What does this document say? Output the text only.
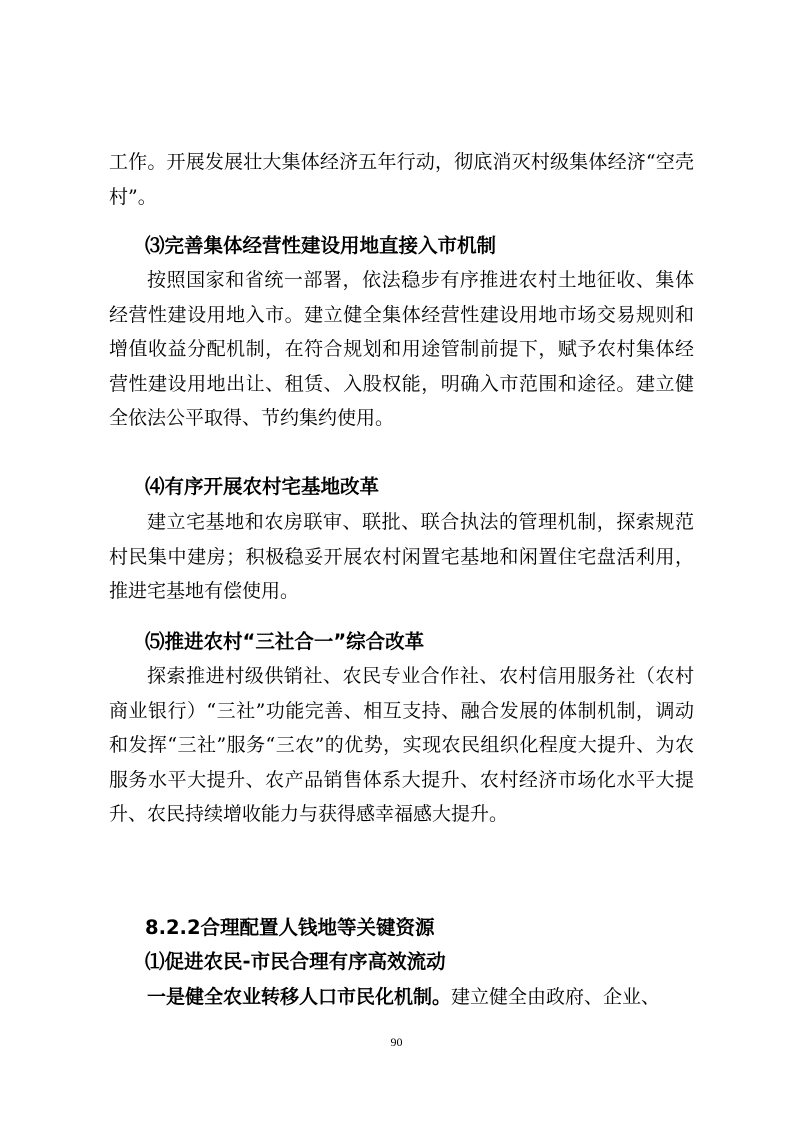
工作。开展发展壮大集体经济五年行动，彻底消灭村级集体经济“空壳村”。

⑶完善集体经营性建设用地直接入市机制

按照国家和省统一部署，依法稳步有序推进农村土地征收、集体经营性建设用地入市。建立健全集体经营性建设用地市场交易规则和增值收益分配机制，在符合规划和用途管制前提下，赋予农村集体经营性建设用地出让、租赁、入股权能，明确入市范围和途径。建立健全依法公平取得、节约集约使用。

⑷有序开展农村宅基地改革

建立宅基地和农房联审、联批、联合执法的管理机制，探索规范村民集中建房；积极稳妥开展农村闲置宅基地和闲置住宅盘活利用，推进宅基地有偿使用。

⑸推进农村“三社合一”综合改革

探索推进村级供销社、农民专业合作社、农村信用服务社（农村商业银行）“三社”功能完善、相互支持、融合发展的体制机制，调动和发挥“三社”服务“三农”的优势，实现农民组织化程度大提升、为农服务水平大提升、农产品销售体系大提升、农村经济市场化水平大提升、农民持续增收能力与获得感幸福感大提升。

8.2.2合理配置人钱地等关键资源
⑴促进农民-市民合理有序高效流动

一是健全农业转移人口市民化机制。建立健全由政府、企业、

90
